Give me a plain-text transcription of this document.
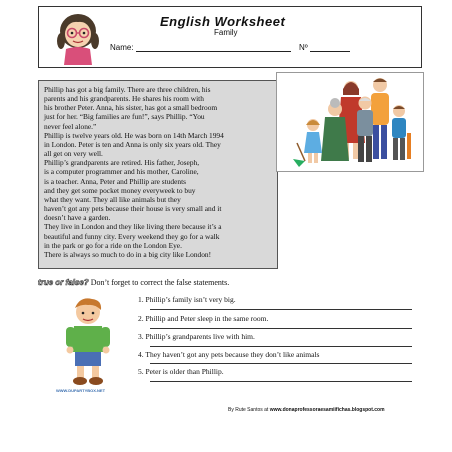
English Worksheet
Family
Name:	Nº

Phillip has got a big family. There are three children, his

parents and his grandparents. He shares his room with

his brother Peter. Anna, his sister, has got a small bedroom

just for her. “Big families are fun!”, says Phillip. “You

never feel alone.”

Phillip is twelve years old. He was born on 14th March 1994

in London. Peter is ten and Anna is only six years old. They

all get on very well.

Phillip’s grandparents are retired. His father, Joseph,

is a computer programmer and his mother, Caroline,

is a teacher. Anna, Peter and Phillip are students

and they get some pocket money everyweek to buy

what they want. They all like animals but they

haven’t got any pets because their house is very small and it

doesn’t have a garden.

They live in London and they like living there because it’s a

beautiful and funny city. Every weekend they go for a walk

in the park or go for a ride on the London Eye.

There is always so much to do in a big city like London!

true or false? Don’t forget to correct the false statements.
WWW.DUPARTYBOX.NET
1. Phillip’s family isn’t very big.
2. Phillip and Peter sleep in the same room.
3. Phillip’s grandparents live with him.
4. They haven’t got any pets because they don’t like animals
5. Peter is older than Phillip.
By Rute Santos at www.donaprofessoraesamiifichas.blogspot.com
